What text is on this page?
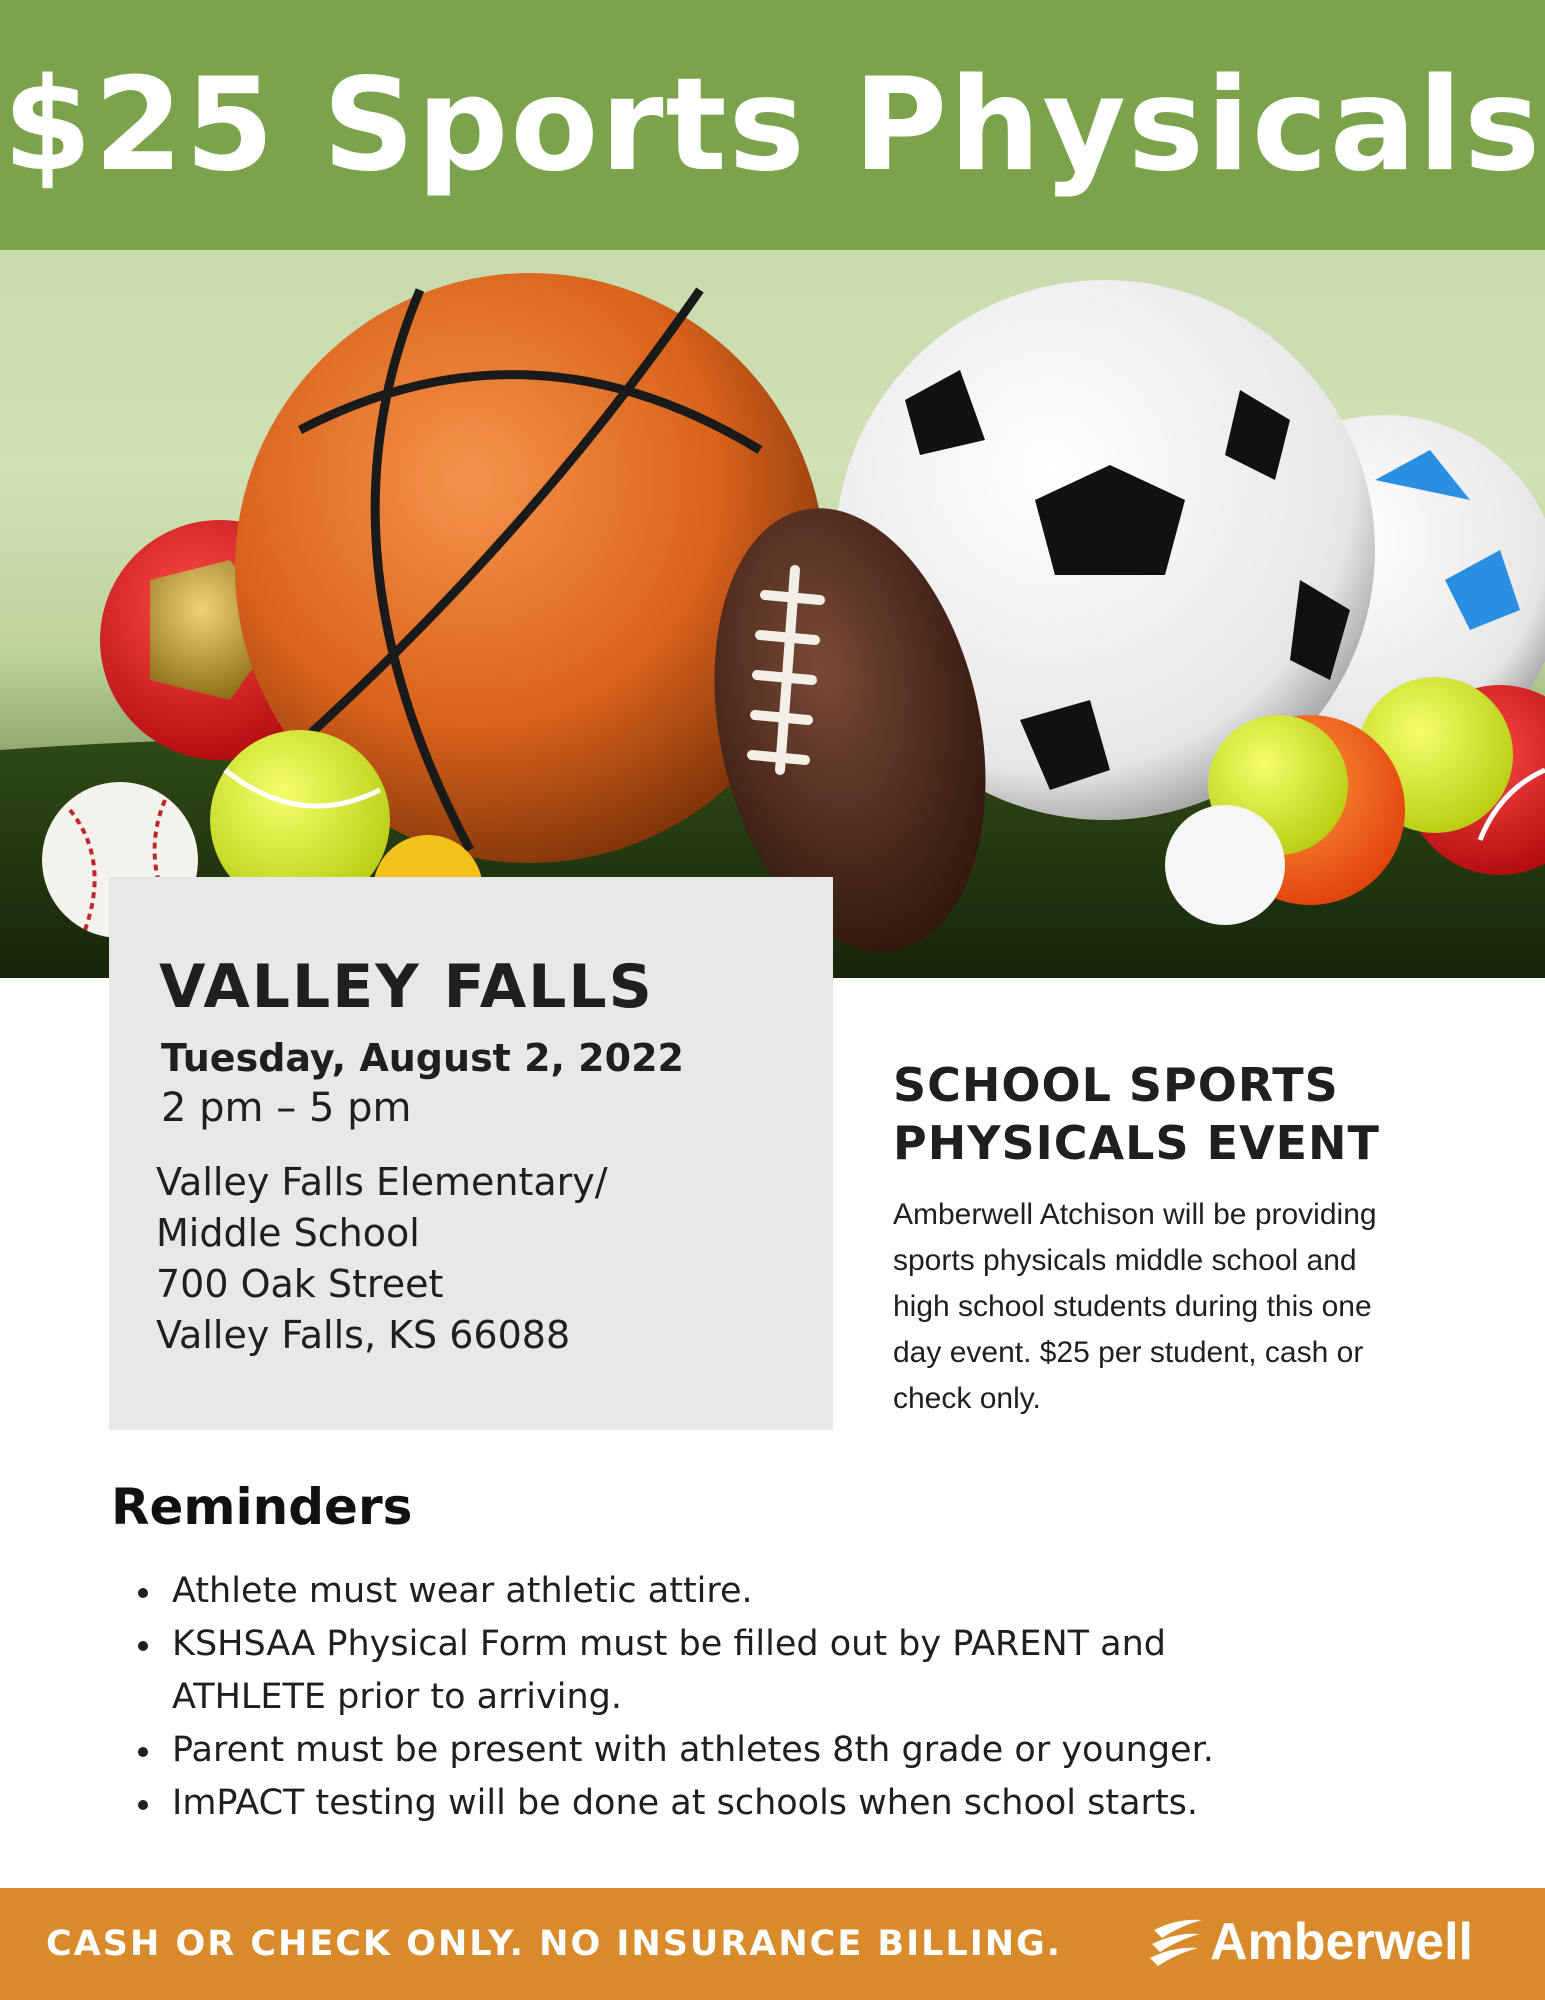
$25 Sports Physicals
VALLEY FALLS
Tuesday, August 2, 2022
2 pm – 5 pm
Valley Falls Elementary/
Middle School
700 Oak Street
Valley Falls, KS 66088
SCHOOL SPORTS
PHYSICALS EVENT
Amberwell Atchison will be providing
sports physicals middle school and
high school students during this one
day event. $25 per student, cash or
check only.
Reminders
Athlete must wear athletic attire.
KSHSAA Physical Form must be filled out by PARENT and
ATHLETE prior to arriving.
Parent must be present with athletes 8th grade or younger.
ImPACT testing will be done at schools when school starts.
CASH OR CHECK ONLY. NO INSURANCE BILLING.	Amberwell
